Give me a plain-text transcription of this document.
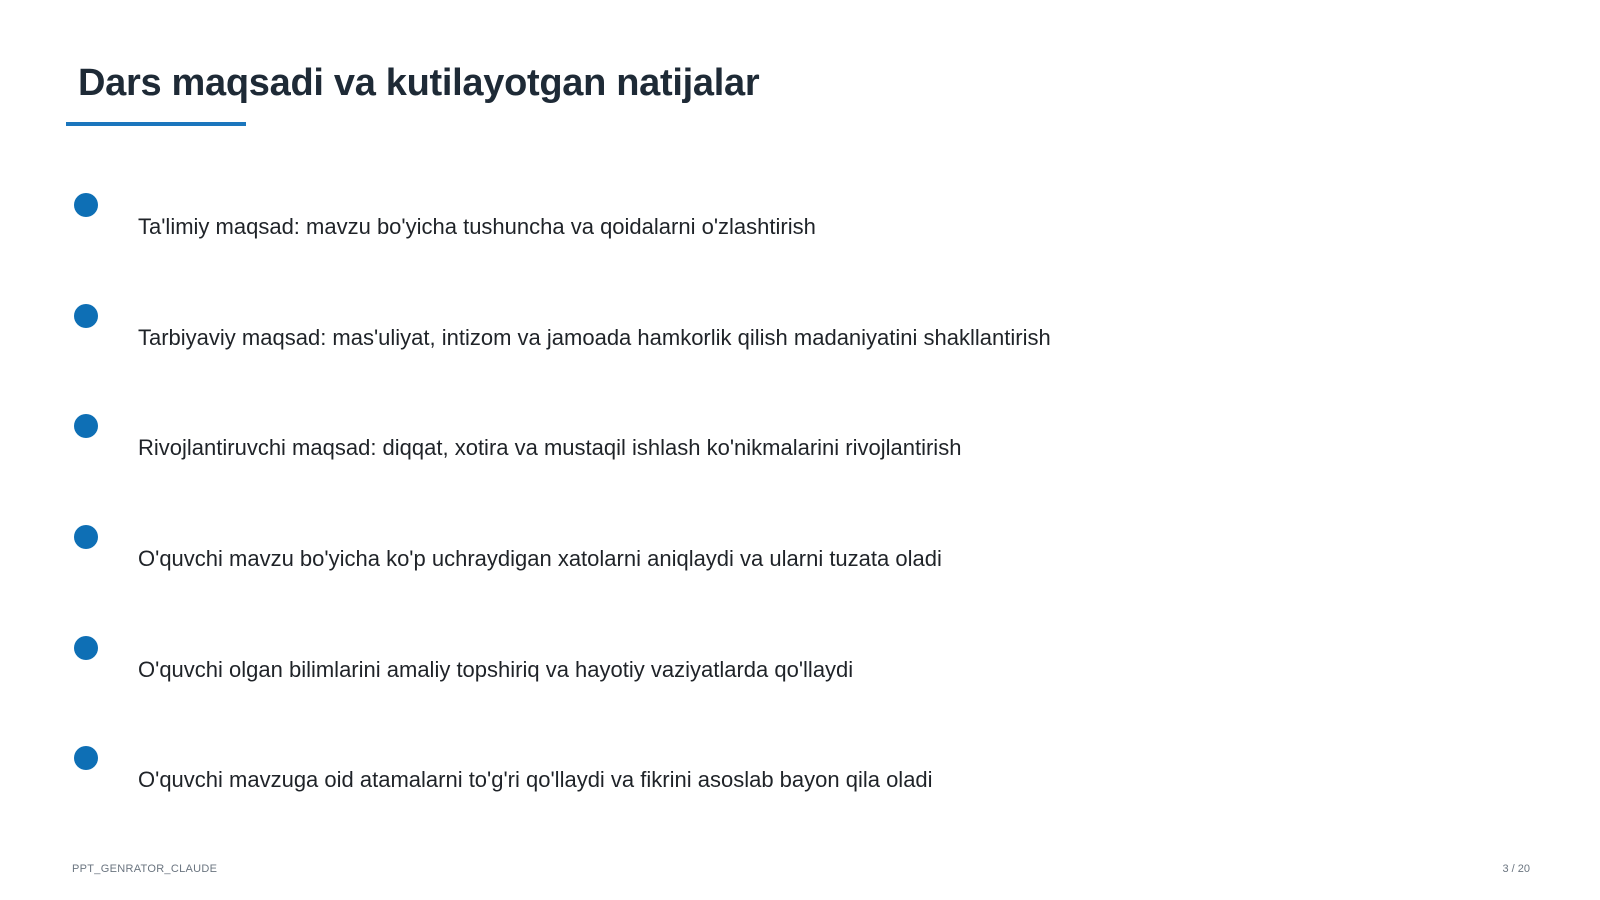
Dars maqsadi va kutilayotgan natijalar
Ta'limiy maqsad: mavzu bo'yicha tushuncha va qoidalarni o'zlashtirish
Tarbiyaviy maqsad: mas'uliyat, intizom va jamoada hamkorlik qilish madaniyatini shakllantirish
Rivojlantiruvchi maqsad: diqqat, xotira va mustaqil ishlash ko'nikmalarini rivojlantirish
O'quvchi mavzu bo'yicha ko'p uchraydigan xatolarni aniqlaydi va ularni tuzata oladi
O'quvchi olgan bilimlarini amaliy topshiriq va hayotiy vaziyatlarda qo'llaydi
O'quvchi mavzuga oid atamalarni to'g'ri qo'llaydi va fikrini asoslab bayon qila oladi
PPT_GENRATOR_CLAUDE	3 / 20
